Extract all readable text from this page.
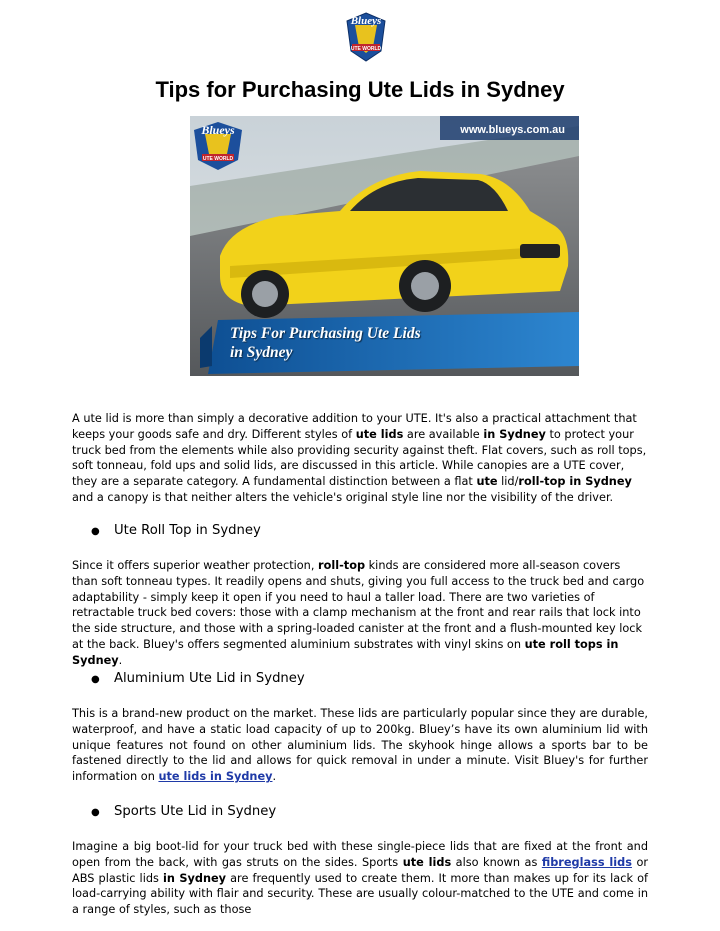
Blueys
UTE WORLD
Tips for Purchasing Ute Lids in Sydney
Blueys
UTE WORLD
www.blueys.com.au
Tips For Purchasing Ute Lids
in Sydney

A ute lid is more than simply a decorative addition to your UTE. It's also a practical attachment that keeps your goods safe and dry. Different styles of ute lids are available in Sydney to protect your truck bed from the elements while also providing security against theft. Flat covers, such as roll tops, soft tonneau, fold ups and solid lids, are discussed in this article. While canopies are a UTE cover, they are a separate category. A fundamental distinction between a flat ute lid/roll-top in Sydney and a canopy is that neither alters the vehicle's original style line nor the visibility of the driver.

● Ute Roll Top in Sydney

Since it offers superior weather protection, roll-top kinds are considered more all-season covers than soft tonneau types. It readily opens and shuts, giving you full access to the truck bed and cargo adaptability - simply keep it open if you need to haul a taller load. There are two varieties of retractable truck bed covers: those with a clamp mechanism at the front and rear rails that lock into the side structure, and those with a spring-loaded canister at the front and a flush-mounted key lock at the back. Bluey's offers segmented aluminium substrates with vinyl skins on ute roll tops in Sydney.

● Aluminium Ute Lid in Sydney

This is a brand-new product on the market. These lids are particularly popular since they are durable, waterproof, and have a static load capacity of up to 200kg. Bluey’s have its own aluminium lid with unique features not found on other aluminium lids. The skyhook hinge allows a sports bar to be fastened directly to the lid and allows for quick removal in under a minute. Visit Bluey's for further information on ute lids in Sydney.

● Sports Ute Lid in Sydney

Imagine a big boot-lid for your truck bed with these single-piece lids that are fixed at the front and open from the back, with gas struts on the sides. Sports ute lids also known as fibreglass lids or ABS plastic lids in Sydney are frequently used to create them. It more than makes up for its lack of load-carrying ability with flair and security. These are usually colour-matched to the UTE and come in a range of styles, such as those
